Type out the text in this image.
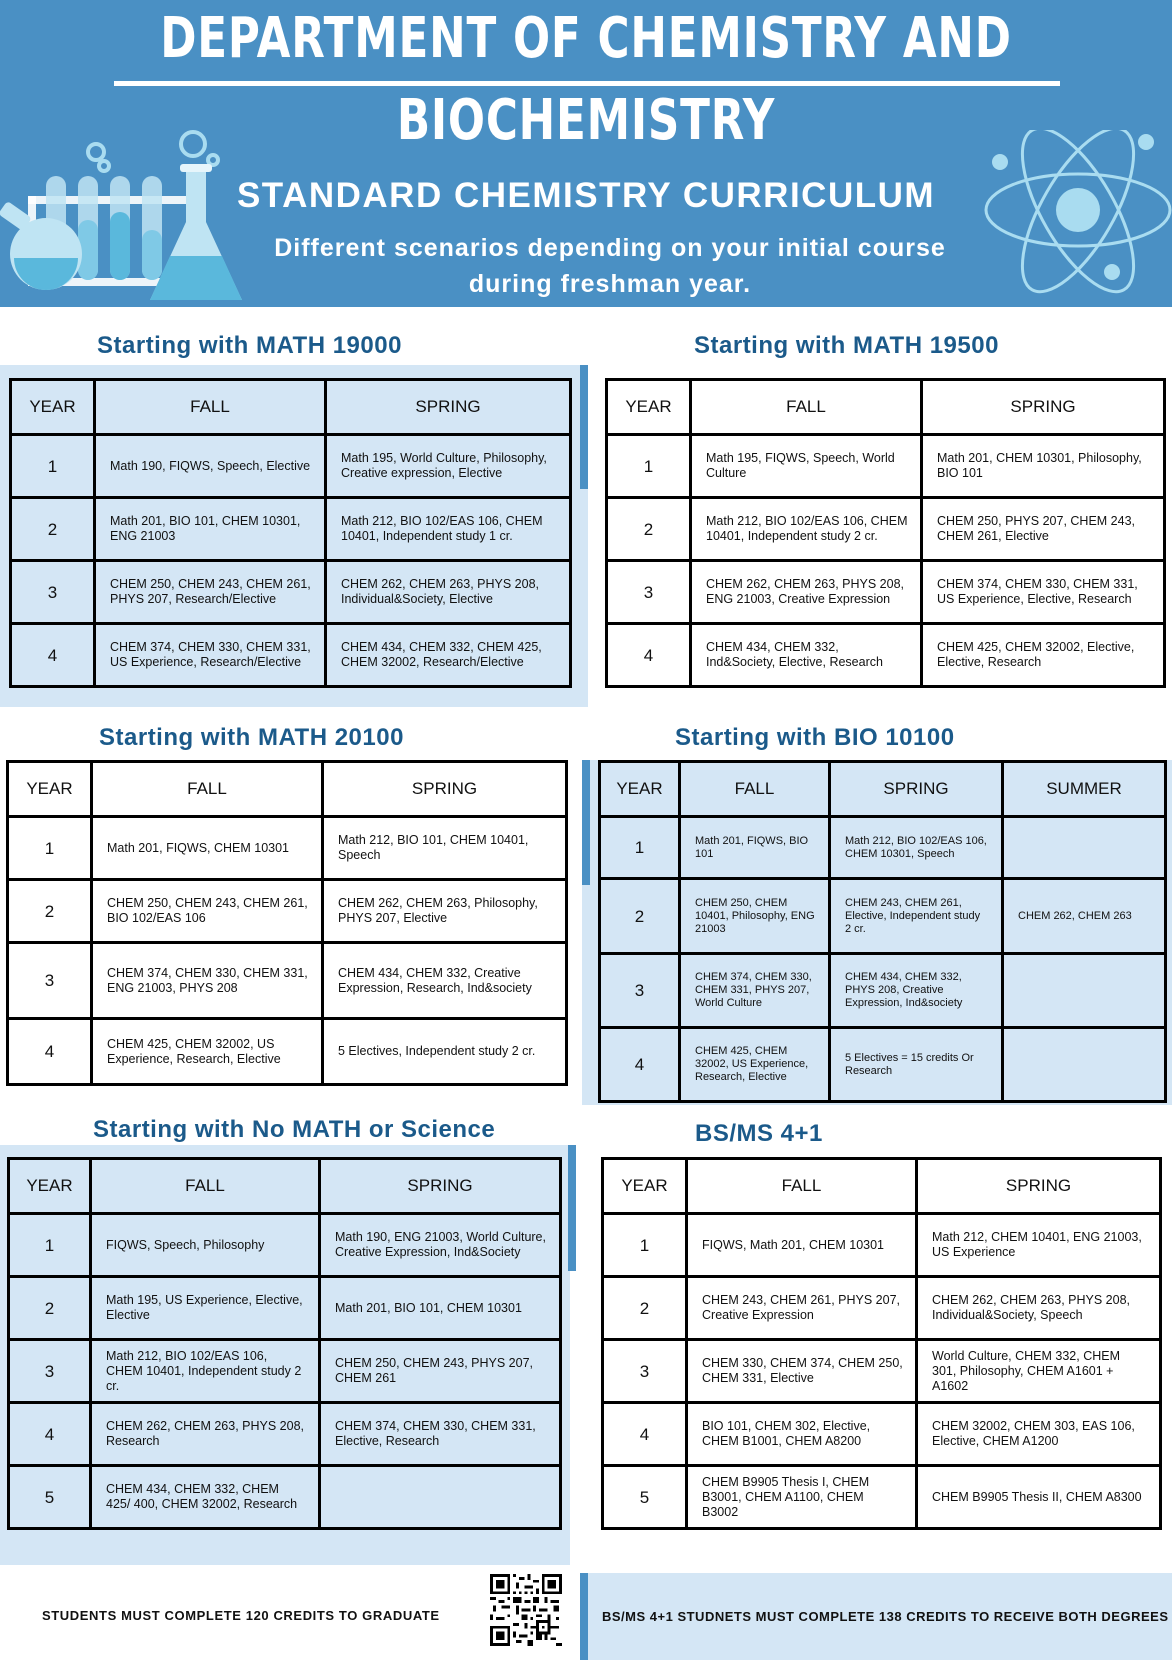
DEPARTMENT OF CHEMISTRY AND
BIOCHEMISTRY
STANDARD CHEMISTRY CURRICULUM
Different scenarios depending on your initial course during freshman year.
Starting with MATH 19000
YEAR	FALL	SPRING
1	Math 190, FIQWS, Speech, Elective	Math 195, World Culture, Philosophy, Creative expression, Elective
2	Math 201, BIO 101, CHEM 10301, ENG 21003	Math 212, BIO 102/EAS 106, CHEM 10401, Independent study 1 cr.
3	CHEM 250, CHEM 243, CHEM 261, PHYS 207, Research/Elective	CHEM 262, CHEM 263, PHYS 208, Individual&Society, Elective
4	CHEM 374, CHEM 330, CHEM 331, US Experience, Research/Elective	CHEM 434, CHEM 332, CHEM 425, CHEM 32002, Research/Elective
Starting with MATH 19500
YEAR	FALL	SPRING
1	Math 195, FIQWS, Speech, World Culture	Math 201, CHEM 10301, Philosophy, BIO 101
2	Math 212, BIO 102/EAS 106, CHEM 10401, Independent study 2 cr.	CHEM 250, PHYS 207, CHEM 243, CHEM 261, Elective
3	CHEM 262, CHEM 263, PHYS 208, ENG 21003, Creative Expression	CHEM 374, CHEM 330, CHEM 331, US Experience, Elective, Research
4	CHEM 434, CHEM 332, Ind&Society, Elective, Research	CHEM 425, CHEM 32002, Elective, Elective, Research
Starting with MATH 20100
YEAR	FALL	SPRING
1	Math 201, FIQWS, CHEM 10301	Math 212, BIO 101, CHEM 10401, Speech
2	CHEM 250, CHEM 243, CHEM 261, BIO 102/EAS 106	CHEM 262, CHEM 263, Philosophy, PHYS 207, Elective
3	CHEM 374, CHEM 330, CHEM 331, ENG 21003, PHYS 208	CHEM 434, CHEM 332, Creative Expression, Research, Ind&society
4	CHEM 425, CHEM 32002, US Experience, Research, Elective	5 Electives, Independent study 2 cr.
Starting with BIO 10100
YEAR	FALL	SPRING	SUMMER
1	Math 201, FIQWS, BIO 101	Math 212, BIO 102/EAS 106, CHEM 10301, Speech	
2	CHEM 250, CHEM 10401, Philosophy, ENG 21003	CHEM 243, CHEM 261, Elective, Independent study 2 cr.	CHEM 262, CHEM 263
3	CHEM 374, CHEM 330, CHEM 331, PHYS 207, World Culture	CHEM 434, CHEM 332, PHYS 208, Creative Expression, Ind&society	
4	CHEM 425, CHEM 32002, US Experience, Research, Elective	5 Electives = 15 credits Or Research	
Starting with No MATH or Science
YEAR	FALL	SPRING
1	FIQWS, Speech, Philosophy	Math 190, ENG 21003, World Culture, Creative Expression, Ind&Society
2	Math 195, US Experience, Elective, Elective	Math 201, BIO 101, CHEM 10301
3	Math 212, BIO 102/EAS 106, CHEM 10401, Independent study 2 cr.	CHEM 250, CHEM 243, PHYS 207, CHEM 261
4	CHEM 262, CHEM 263, PHYS 208, Research	CHEM 374, CHEM 330, CHEM 331, Elective, Research
5	CHEM 434, CHEM 332, CHEM 425/ 400, CHEM 32002, Research	
BS/MS 4+1
YEAR	FALL	SPRING
1	FIQWS, Math 201, CHEM 10301	Math 212, CHEM 10401, ENG 21003, US Experience
2	CHEM 243, CHEM 261, PHYS 207, Creative Expression	CHEM 262, CHEM 263, PHYS 208, Individual&Society, Speech
3	CHEM 330, CHEM 374, CHEM 250, CHEM 331, Elective	World Culture, CHEM 332, CHEM 301, Philosophy, CHEM A1601 + A1602
4	BIO 101, CHEM 302, Elective, CHEM B1001, CHEM A8200	CHEM 32002, CHEM 303, EAS 106, Elective, CHEM A1200
5	CHEM B9905 Thesis I, CHEM B3001, CHEM A1100, CHEM B3002	CHEM B9905 Thesis II, CHEM A8300
STUDENTS MUST COMPLETE 120 CREDITS TO GRADUATE	BS/MS 4+1 STUDNETS MUST COMPLETE 138 CREDITS TO RECEIVE BOTH DEGREES
